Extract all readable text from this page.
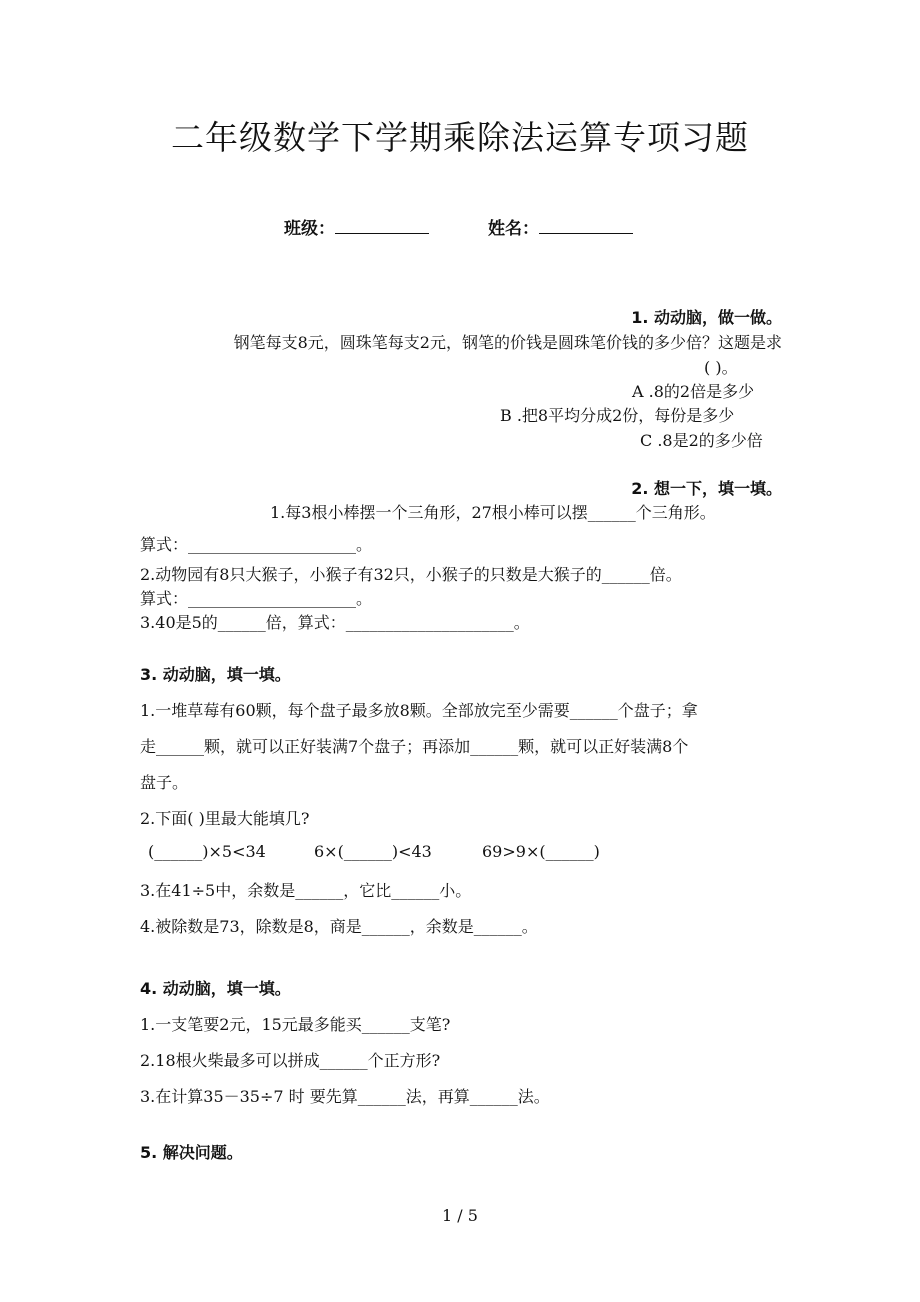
二年级数学下学期乘除法运算专项习题
班级：	姓名：
1. 动动脑，做一做。
钢笔每支8元，圆珠笔每支2元，钢笔的价钱是圆珠笔价钱的多少倍？这题是求
( )。
A .8的2倍是多少
B .把8平均分成2份，每份是多少
C .8是2的多少倍
2. 想一下，填一填。
1.每3根小棒摆一个三角形，27根小棒可以摆______个三角形。
算式：_____________________。
2.动物园有8只大猴子，小猴子有32只，小猴子的只数是大猴子的______倍。
算式：_____________________。
3.40是5的______倍，算式：_____________________。
3. 动动脑，填一填。
1.一堆草莓有60颗，每个盘子最多放8颗。全部放完至少需要______个盘子；拿
走______颗，就可以正好装满7个盘子；再添加______颗，就可以正好装满8个
盘子。
2.下面( )里最大能填几?
(______)×5<34	6×(______)<43	69>9×(______)
3.在41÷5中，余数是______，它比______小。
4.被除数是73，除数是8，商是______，余数是______。
4. 动动脑，填一填。
1.一支笔要2元，15元最多能买______支笔?
2.18根火柴最多可以拼成______个正方形?
3.在计算35－35÷7 时 要先算______法，再算______法。
5. 解决问题。
1 / 5
